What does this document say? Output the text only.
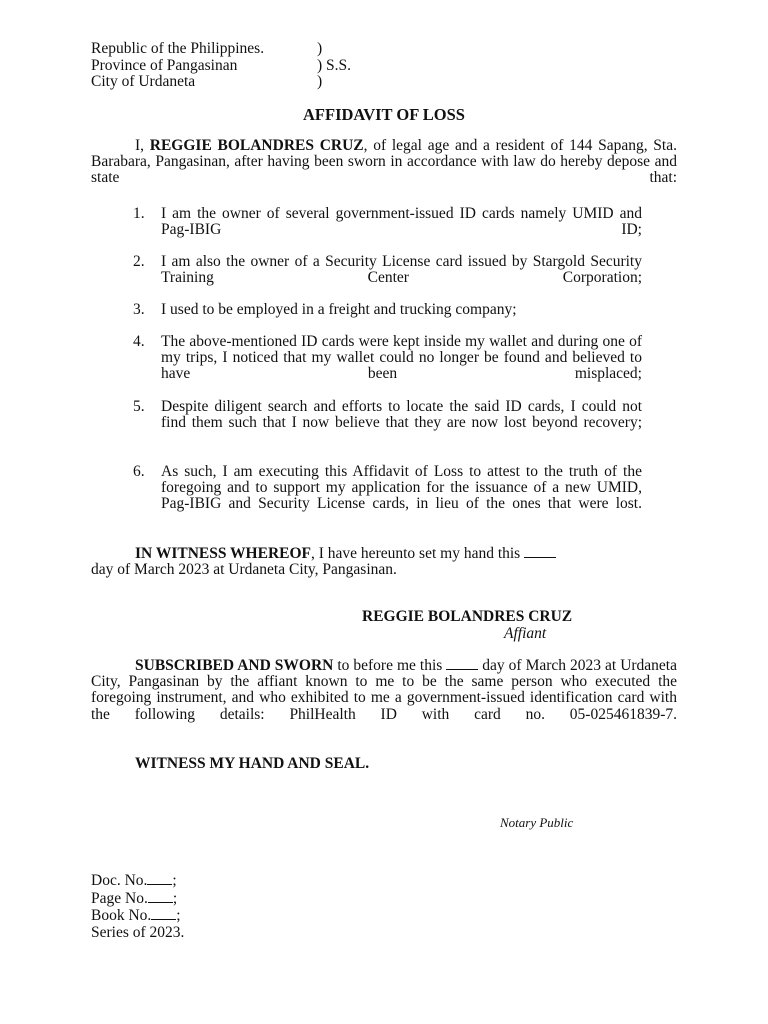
Republic of the Philippines.	)
Province of Pangasinan	) S.S.
City of Urdaneta	)
AFFIDAVIT OF LOSS
I, REGGIE BOLANDRES CRUZ, of legal age and a resident of 144 Sapang, Sta. Barabara, Pangasinan, after having been sworn in accordance with law do hereby depose and state that:
1. I am the owner of several government-issued ID cards namely UMID and Pag-IBIG ID;
2. I am also the owner of a Security License card issued by Stargold Security Training Center Corporation;
3. I used to be employed in a freight and trucking company;
4. The above-mentioned ID cards were kept inside my wallet and during one of my trips, I noticed that my wallet could no longer be found and believed to have been misplaced;
5. Despite diligent search and efforts to locate the said ID cards, I could not find them such that I now believe that they are now lost beyond recovery;
6. As such, I am executing this Affidavit of Loss to attest to the truth of the foregoing and to support my application for the issuance of a new UMID, Pag-IBIG and Security License cards, in lieu of the ones that were lost.
IN WITNESS WHEREOF, I have hereunto set my hand this
day of March 2023 at Urdaneta City, Pangasinan.
REGGIE BOLANDRES CRUZ
Affiant
SUBSCRIBED AND SWORN to before me this	day of March 2023 at Urdaneta City, Pangasinan by the affiant known to me to be the same person who executed the foregoing instrument, and who exhibited to me a government-issued identification card with the following details: PhilHealth ID with card no. 05-025461839-7.
WITNESS MY HAND AND SEAL.
Notary Public
Doc. No. ;
Page No. ;
Book No. ;
Series of 2023.
